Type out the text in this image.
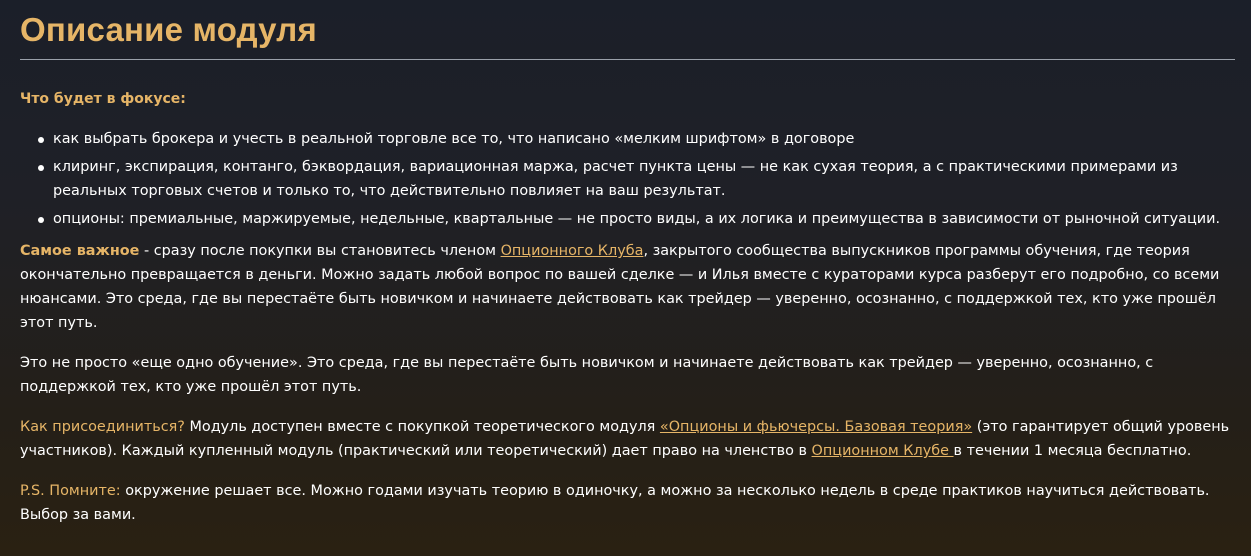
Описание модуля
Что будет в фокусе:
как выбрать брокера и учесть в реальной торговле все то, что написано «мелким шрифтом» в договоре
клиринг, экспирация, контанго, бэквордация, вариационная маржа, расчет пункта цены — не как сухая теория, а с практическими примерами из реальных торговых счетов и только то, что действительно повлияет на ваш результат.
опционы: премиальные, маржируемые, недельные, квартальные — не просто виды, а их логика и преимущества в зависимости от рыночной ситуации.

Самое важное - сразу после покупки вы становитесь членом Опционного Клуба, закрытого сообщества выпускников программы обучения, где теория окончательно превращается в деньги. Можно задать любой вопрос по вашей сделке — и Илья вместе с кураторами курса разберут его подробно, со всеми нюансами. Это среда, где вы перестаёте быть новичком и начинаете действовать как трейдер — уверенно, осознанно, с поддержкой тех, кто уже прошёл этот путь.

Это не просто «еще одно обучение». Это среда, где вы перестаёте быть новичком и начинаете действовать как трейдер — уверенно, осознанно, с поддержкой тех, кто уже прошёл этот путь.

Как присоединиться? Модуль доступен вместе с покупкой теоретического модуля «Опционы и фьючерсы. Базовая теория» (это гарантирует общий уровень участников). Каждый купленный модуль (практический или теоретический) дает право на членство в Опционном Клубе в течении 1 месяца бесплатно.

P.S. Помните: окружение решает все. Можно годами изучать теорию в одиночку, а можно за несколько недель в среде практиков научиться действовать. Выбор за вами.
